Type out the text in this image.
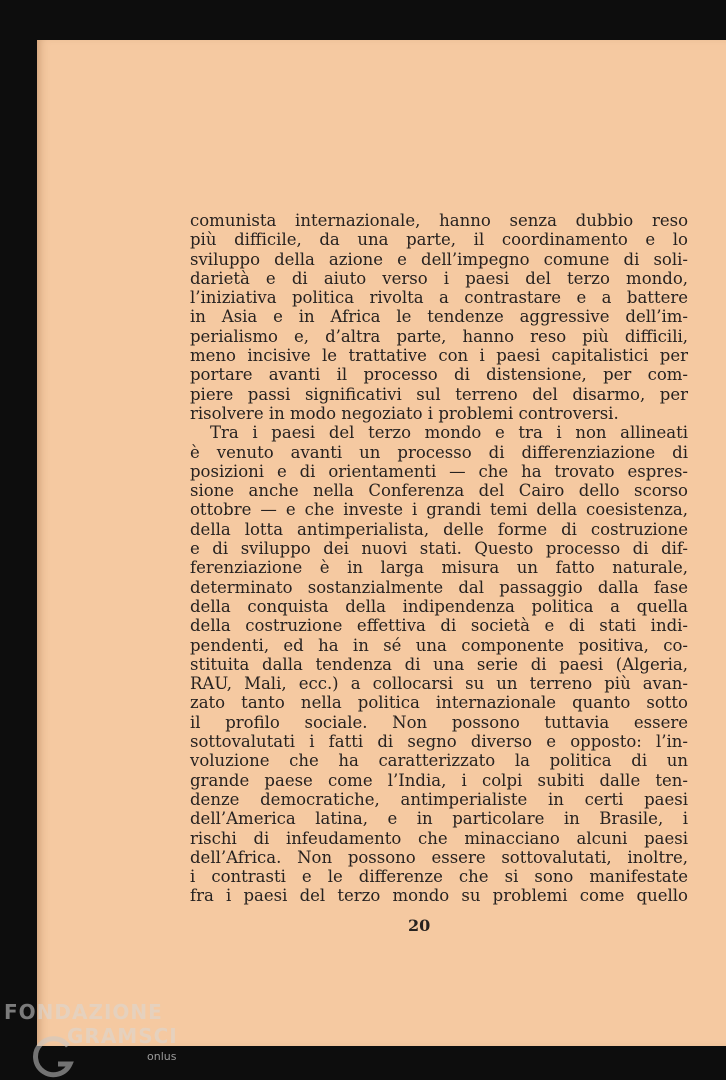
comunista internazionale, hanno senza dubbio reso
più difficile, da una parte, il coordinamento e lo
sviluppo della azione e dell’impegno comune di soli-
darietà e di aiuto verso i paesi del terzo mondo,
l’iniziativa politica rivolta a contrastare e a battere
in Asia e in Africa le tendenze aggressive dell’im-
perialismo e, d’altra parte, hanno reso più difficili,
meno incisive le trattative con i paesi capitalistici per
portare avanti il processo di distensione, per com-
piere passi significativi sul terreno del disarmo, per
risolvere in modo negoziato i problemi controversi.
Tra i paesi del terzo mondo e tra i non allineati
è venuto avanti un processo di differenziazione di
posizioni e di orientamenti — che ha trovato espres-
sione anche nella Conferenza del Cairo dello scorso
ottobre — e che investe i grandi temi della coesistenza,
della lotta antimperialista, delle forme di costruzione
e di sviluppo dei nuovi stati. Questo processo di dif-
ferenziazione è in larga misura un fatto naturale,
determinato sostanzialmente dal passaggio dalla fase
della conquista della indipendenza politica a quella
della costruzione effettiva di società e di stati indi-
pendenti, ed ha in sé una componente positiva, co-
stituita dalla tendenza di una serie di paesi (Algeria,
RAU, Mali, ecc.) a collocarsi su un terreno più avan-
zato tanto nella politica internazionale quanto sotto
il profilo sociale. Non possono tuttavia essere
sottovalutati i fatti di segno diverso e opposto: l’in-
voluzione che ha caratterizzato la politica di un
grande paese come l’India, i colpi subiti dalle ten-
denze democratiche, antimperialiste in certi paesi
dell’America latina, e in particolare in Brasile, i
rischi di infeudamento che minacciano alcuni paesi
dell’Africa. Non possono essere sottovalutati, inoltre,
i contrasti e le differenze che si sono manifestate
fra i paesi del terzo mondo su problemi come quello
20
FONDAZIONE
GRAMSCI
onlus
